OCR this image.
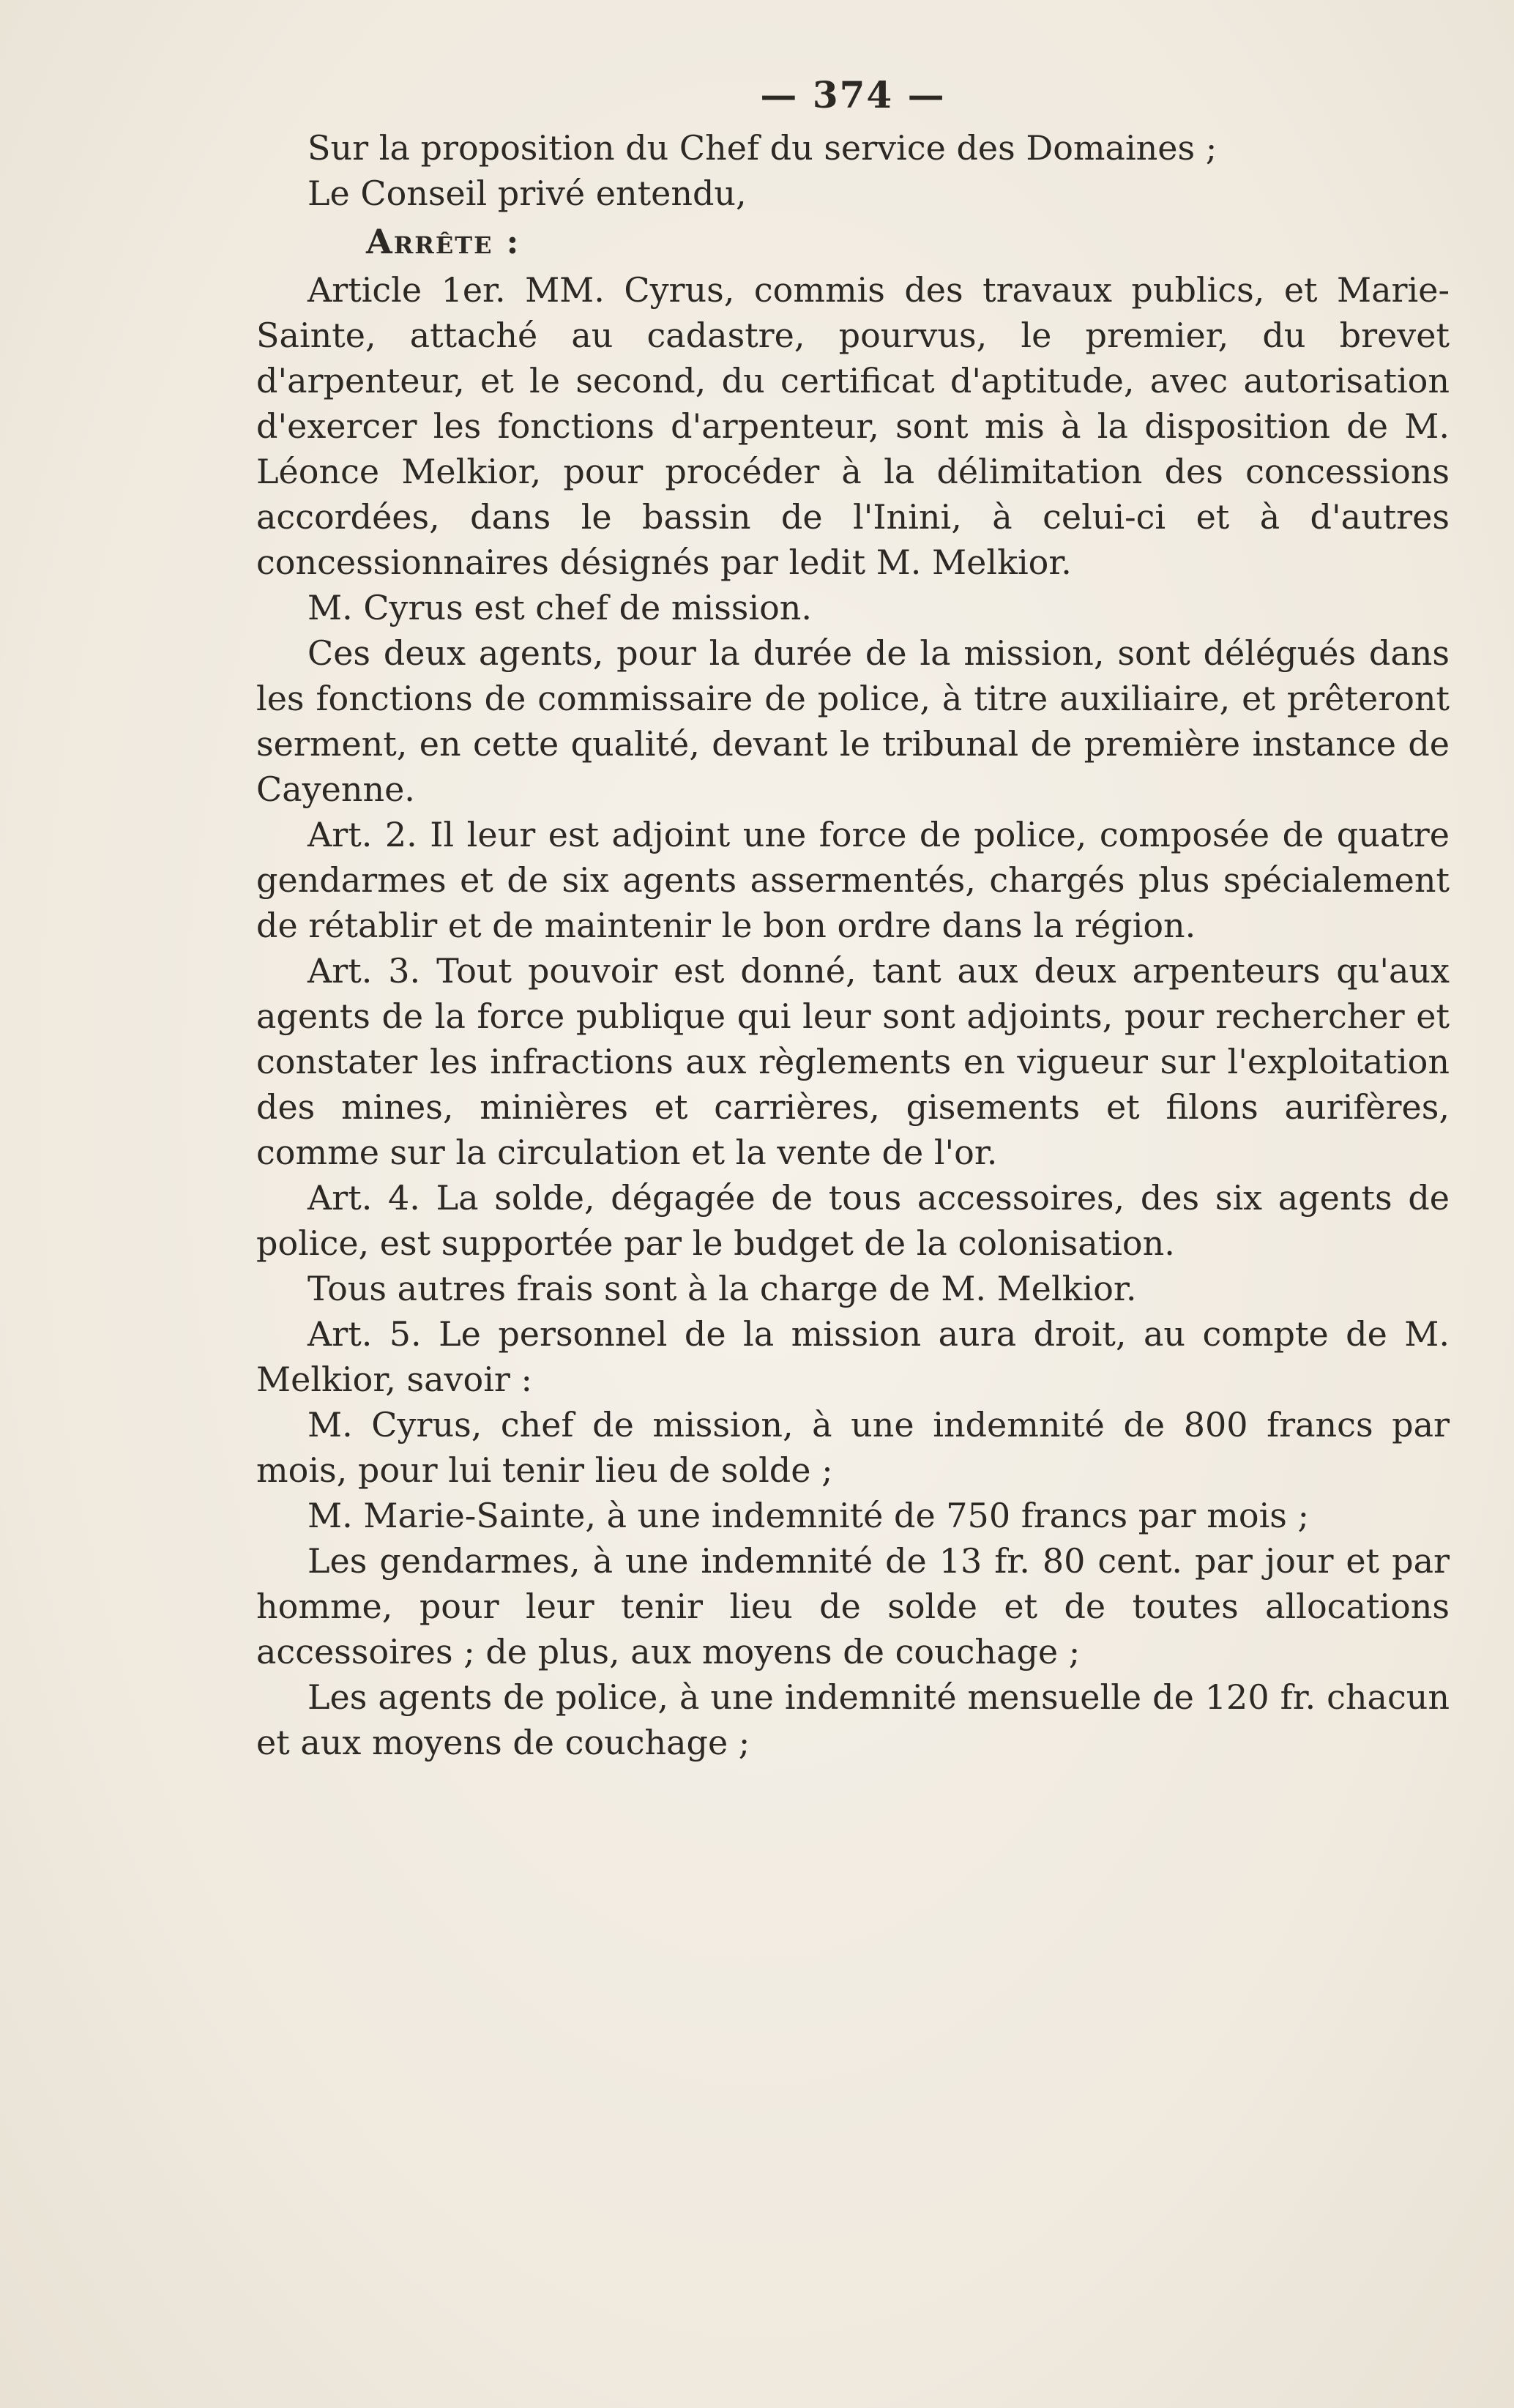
— 374 —

Sur la proposition du Chef du service des Domaines ;

Le Conseil privé entendu,

Arrête :

Article 1er. MM. Cyrus, commis des travaux publics, et Marie-Sainte, attaché au cadastre, pourvus, le premier, du brevet d'arpenteur, et le second, du certificat d'aptitude, avec autorisation d'exercer les fonctions d'arpenteur, sont mis à la disposition de M. Léonce Melkior, pour procéder à la délimitation des concessions accordées, dans le bassin de l'Inini, à celui-ci et à d'autres concessionnaires désignés par ledit M. Melkior.

M. Cyrus est chef de mission.

Ces deux agents, pour la durée de la mission, sont délégués dans les fonctions de commissaire de police, à titre auxiliaire, et prêteront serment, en cette qualité, devant le tribunal de première instance de Cayenne.

Art. 2. Il leur est adjoint une force de police, composée de quatre gendarmes et de six agents assermentés, chargés plus spécialement de rétablir et de maintenir le bon ordre dans la région.

Art. 3. Tout pouvoir est donné, tant aux deux arpenteurs qu'aux agents de la force publique qui leur sont adjoints, pour rechercher et constater les infractions aux règlements en vigueur sur l'exploitation des mines, minières et carrières, gisements et filons aurifères, comme sur la circulation et la vente de l'or.

Art. 4. La solde, dégagée de tous accessoires, des six agents de police, est supportée par le budget de la colonisation.

Tous autres frais sont à la charge de M. Melkior.

Art. 5. Le personnel de la mission aura droit, au compte de M. Melkior, savoir :

M. Cyrus, chef de mission, à une indemnité de 800 francs par mois, pour lui tenir lieu de solde ;

M. Marie-Sainte, à une indemnité de 750 francs par mois ;

Les gendarmes, à une indemnité de 13 fr. 80 cent. par jour et par homme, pour leur tenir lieu de solde et de toutes allocations accessoires ; de plus, aux moyens de couchage ;

Les agents de police, à une indemnité mensuelle de 120 fr. chacun et aux moyens de couchage ;
